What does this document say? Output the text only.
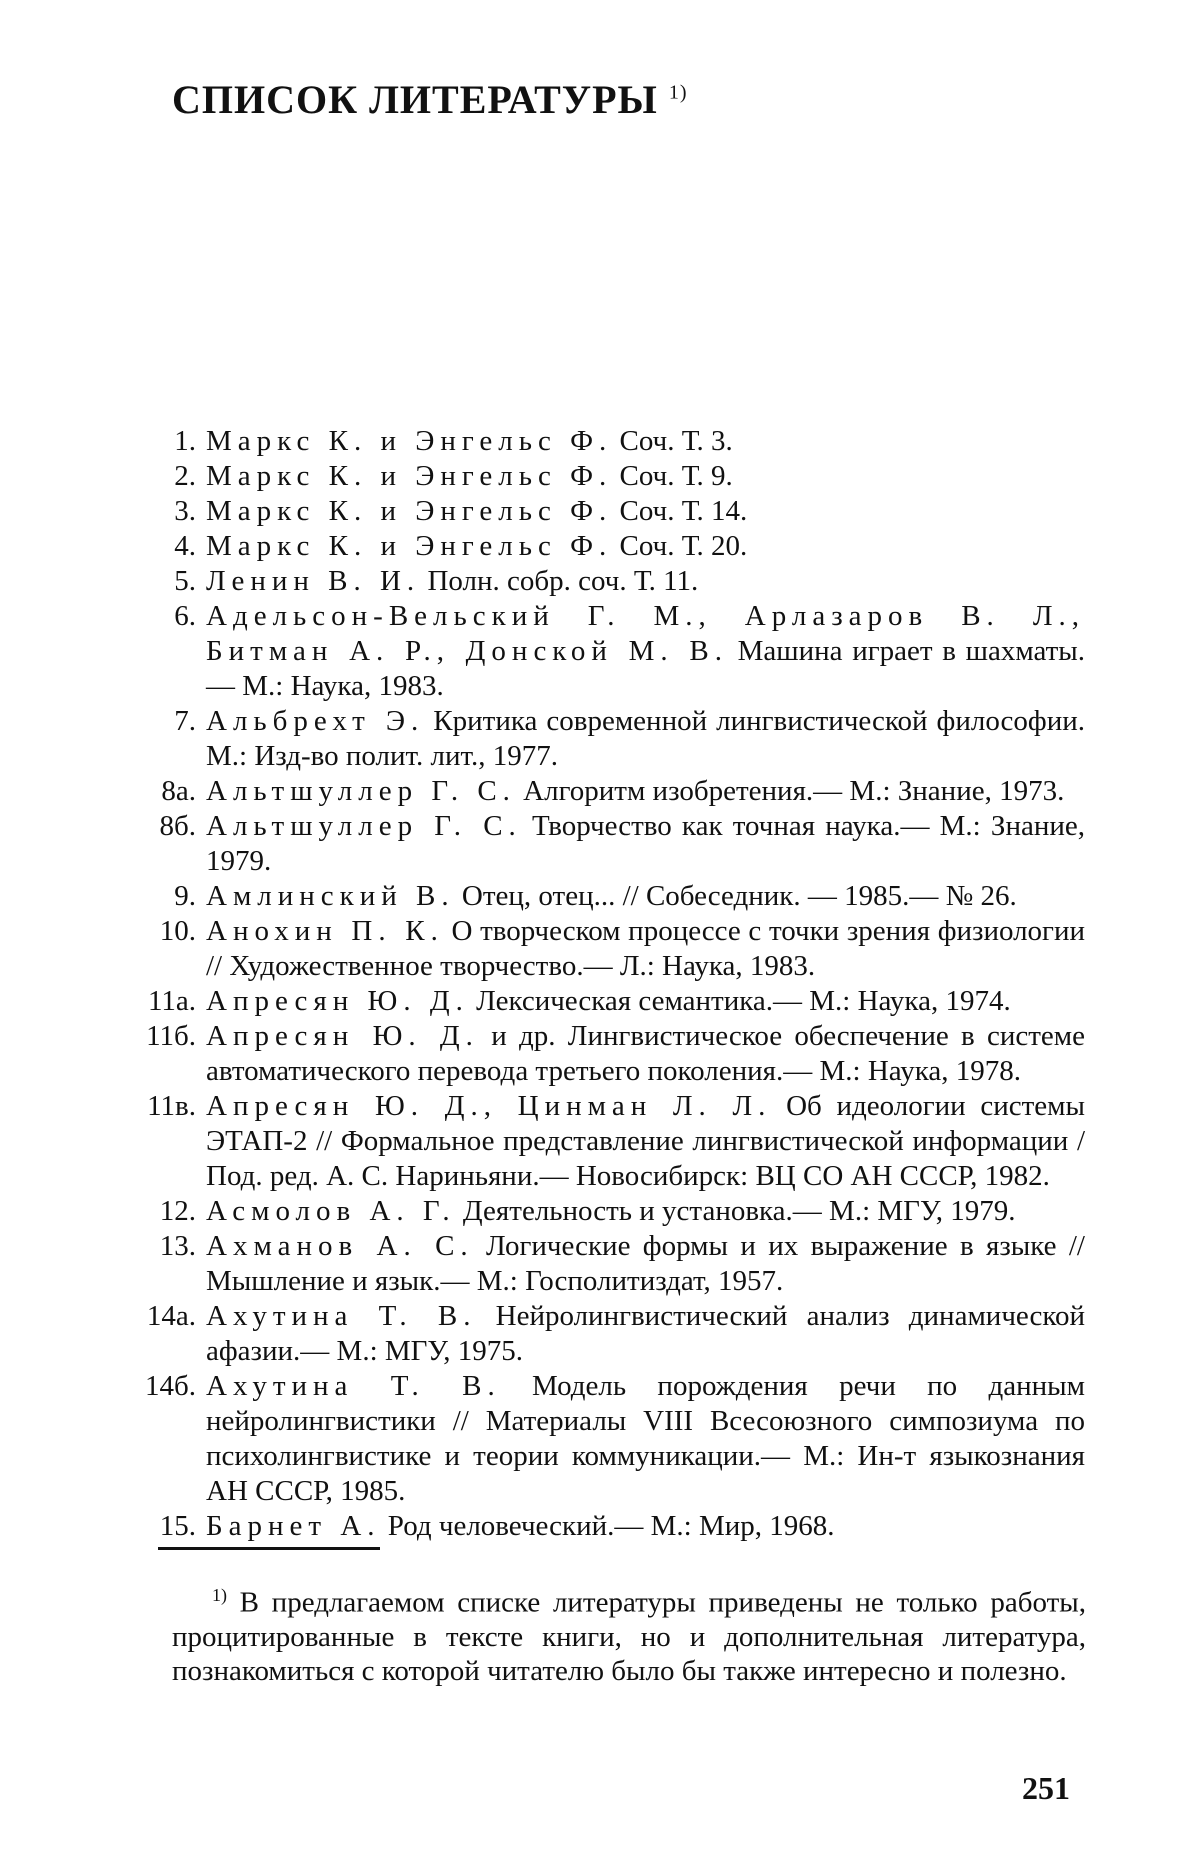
СПИСОК ЛИТЕРАТУРЫ $^{1)}$
1. Маркс К. и Энгельс Ф. Соч. Т. 3.
2. Маркс К. и Энгельс Ф. Соч. Т. 9.
3. Маркс К. и Энгельс Ф. Соч. Т. 14.
4. Маркс К. и Энгельс Ф. Соч. Т. 20.
5. Ленин В. И. Полн. собр. соч. Т. 11.
6. Адельсон-Вельский Г. М., Арлазаров В. Л., Битман А. Р., Донской М. В. Машина играет в шахматы.— М.: Наука, 1983.
7. Альбрехт Э. Критика современной лингвистической философии. М.: Изд-во полит. лит., 1977.
8а. Альтшуллер Г. С. Алгоритм изобретения.— М.: Знание, 1973.
8б. Альтшуллер Г. С. Творчество как точная наука.— М.: Знание, 1979.
9. Амлинский В. Отец, отец... // Собеседник. — 1985.— № 26.
10. Анохин П. К. О творческом процессе с точки зрения физиологии // Художественное творчество.— Л.: Наука, 1983.
11а. Апресян Ю. Д. Лексическая семантика.— М.: Наука, 1974.
11б. Апресян Ю. Д. и др. Лингвистическое обеспечение в системе автоматического перевода третьего поколения.— М.: Наука, 1978.
11в. Апресян Ю. Д., Цинман Л. Л. Об идеологии системы ЭТАП-2 // Формальное представление лингвистической информации / Под. ред. А. С. Нариньяни.— Новосибирск: ВЦ СО АН СССР, 1982.
12. Асмолов А. Г. Деятельность и установка.— М.: МГУ, 1979.
13. Ахманов А. С. Логические формы и их выражение в языке // Мышление и язык.— М.: Госполитиздат, 1957.
14а. Ахутина Т. В. Нейролингвистический анализ динамической афазии.— М.: МГУ, 1975.
14б. Ахутина Т. В. Модель порождения речи по данным нейролингвистики // Материалы VIII Всесоюзного симпозиума по психолингвистике и теории коммуникации.— М.: Ин-т языкознания АН СССР, 1985.
15. Барнет А. Род человеческий.— М.: Мир, 1968.

$^{1)}$ В предлагаемом списке литературы приведены не только работы, процитированные в тексте книги, но и дополнительная литература, познакомиться с которой читателю было бы также интересно и полезно.

251
